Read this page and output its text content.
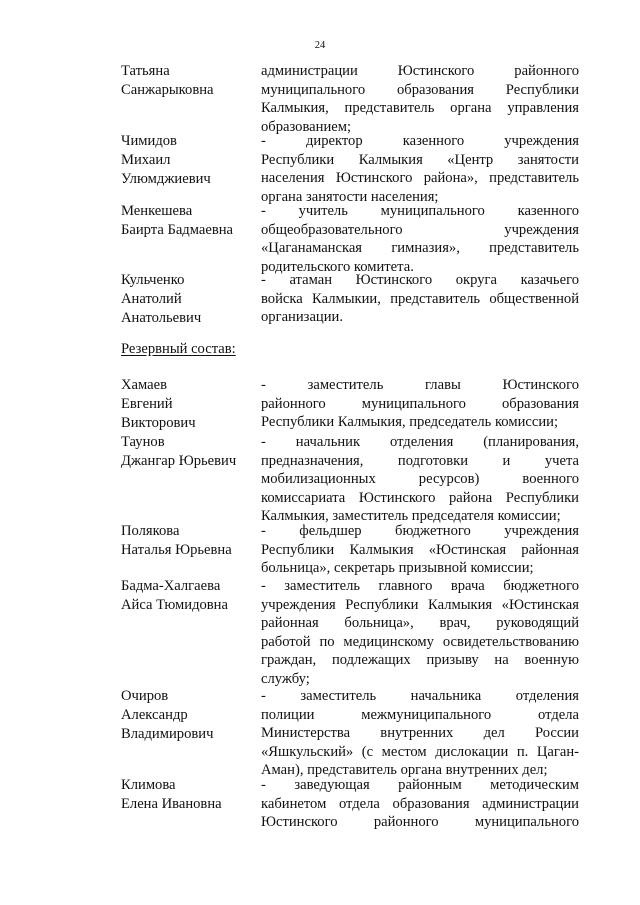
24
Татьяна
Санжарыковна
администрации Юстинского районного
муниципального образования Республики
Калмыкия, представитель органа управления
образованием;
Чимидов
Михаил
Улюмджиевич
- директор казенного учреждения
Республики Калмыкия «Центр занятости
населения Юстинского района», представитель
органа занятости населения;
Менкешева
Баирта Бадмаевна
- учитель муниципального казенного
общеобразовательного учреждения
«Цаганаманская гимназия», представитель
родительского комитета.
Кульченко
Анатолий
Анатольевич
- атаман Юстинского округа казачьего
войска Калмыкии, представитель общественной
организации.
Резервный состав:
Хамаев
Евгений
Викторович
- заместитель главы Юстинского
районного муниципального образования
Республики Калмыкия, председатель комиссии;
Таунов
Джангар Юрьевич
- начальник отделения (планирования,
предназначения, подготовки и учета
мобилизационных ресурсов) военного
комиссариата Юстинского района Республики
Калмыкия, заместитель председателя комиссии;
Полякова
Наталья Юрьевна
- фельдшер бюджетного учреждения
Республики Калмыкия «Юстинская районная
больница», секретарь призывной комиссии;
Бадма-Халгаева
Айса Тюмидовна
- заместитель главного врача бюджетного
учреждения Республики Калмыкия «Юстинская
районная больница», врач, руководящий
работой по медицинскому освидетельствованию
граждан, подлежащих призыву на военную
службу;
Очиров
Александр
Владимирович
- заместитель начальника отделения
полиции межмуниципального отдела
Министерства внутренних дел России
«Яшкульский» (с местом дислокации п. Цаган-
Аман), представитель органа внутренних дел;
Климова
Елена Ивановна
- заведующая районным методическим
кабинетом отдела образования администрации
Юстинского районного муниципального
